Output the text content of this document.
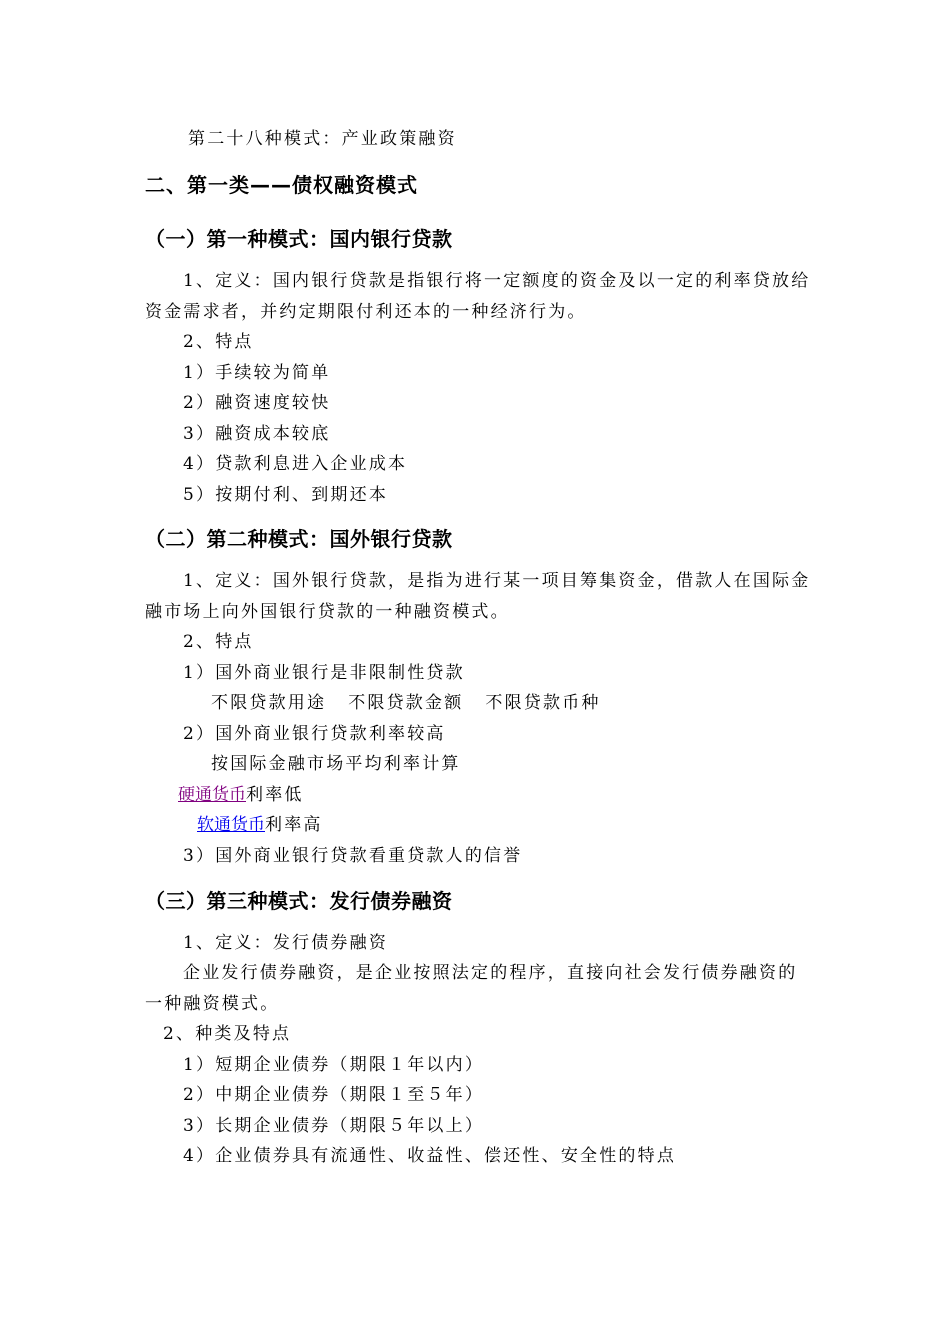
第二十八种模式：产业政策融资
二、第一类——债权融资模式
（一）第一种模式：国内银行贷款
1、定义：国内银行贷款是指银行将一定额度的资金及以一定的利率贷放给
资金需求者，并约定期限付利还本的一种经济行为。
2、特点
1）手续较为简单
2）融资速度较快
3）融资成本较底
4）贷款利息进入企业成本
5）按期付利、到期还本
（二）第二种模式：国外银行贷款
1、定义：国外银行贷款，是指为进行某一项目筹集资金，借款人在国际金
融市场上向外国银行贷款的一种融资模式。
2、特点
1）国外商业银行是非限制性贷款
不限贷款用途 不限贷款金额 不限贷款币种
2）国外商业银行贷款利率较高
按国际金融市场平均利率计算
硬通货币利率低
软通货币利率高
3）国外商业银行贷款看重贷款人的信誉
（三）第三种模式：发行债券融资
1、定义：发行债券融资
企业发行债券融资，是企业按照法定的程序，直接向社会发行债券融资的
一种融资模式。
2、种类及特点
1）短期企业债券（期限１年以内）
2）中期企业债券（期限１至５年）
3）长期企业债券（期限５年以上）
4）企业债券具有流通性、收益性、偿还性、安全性的特点
